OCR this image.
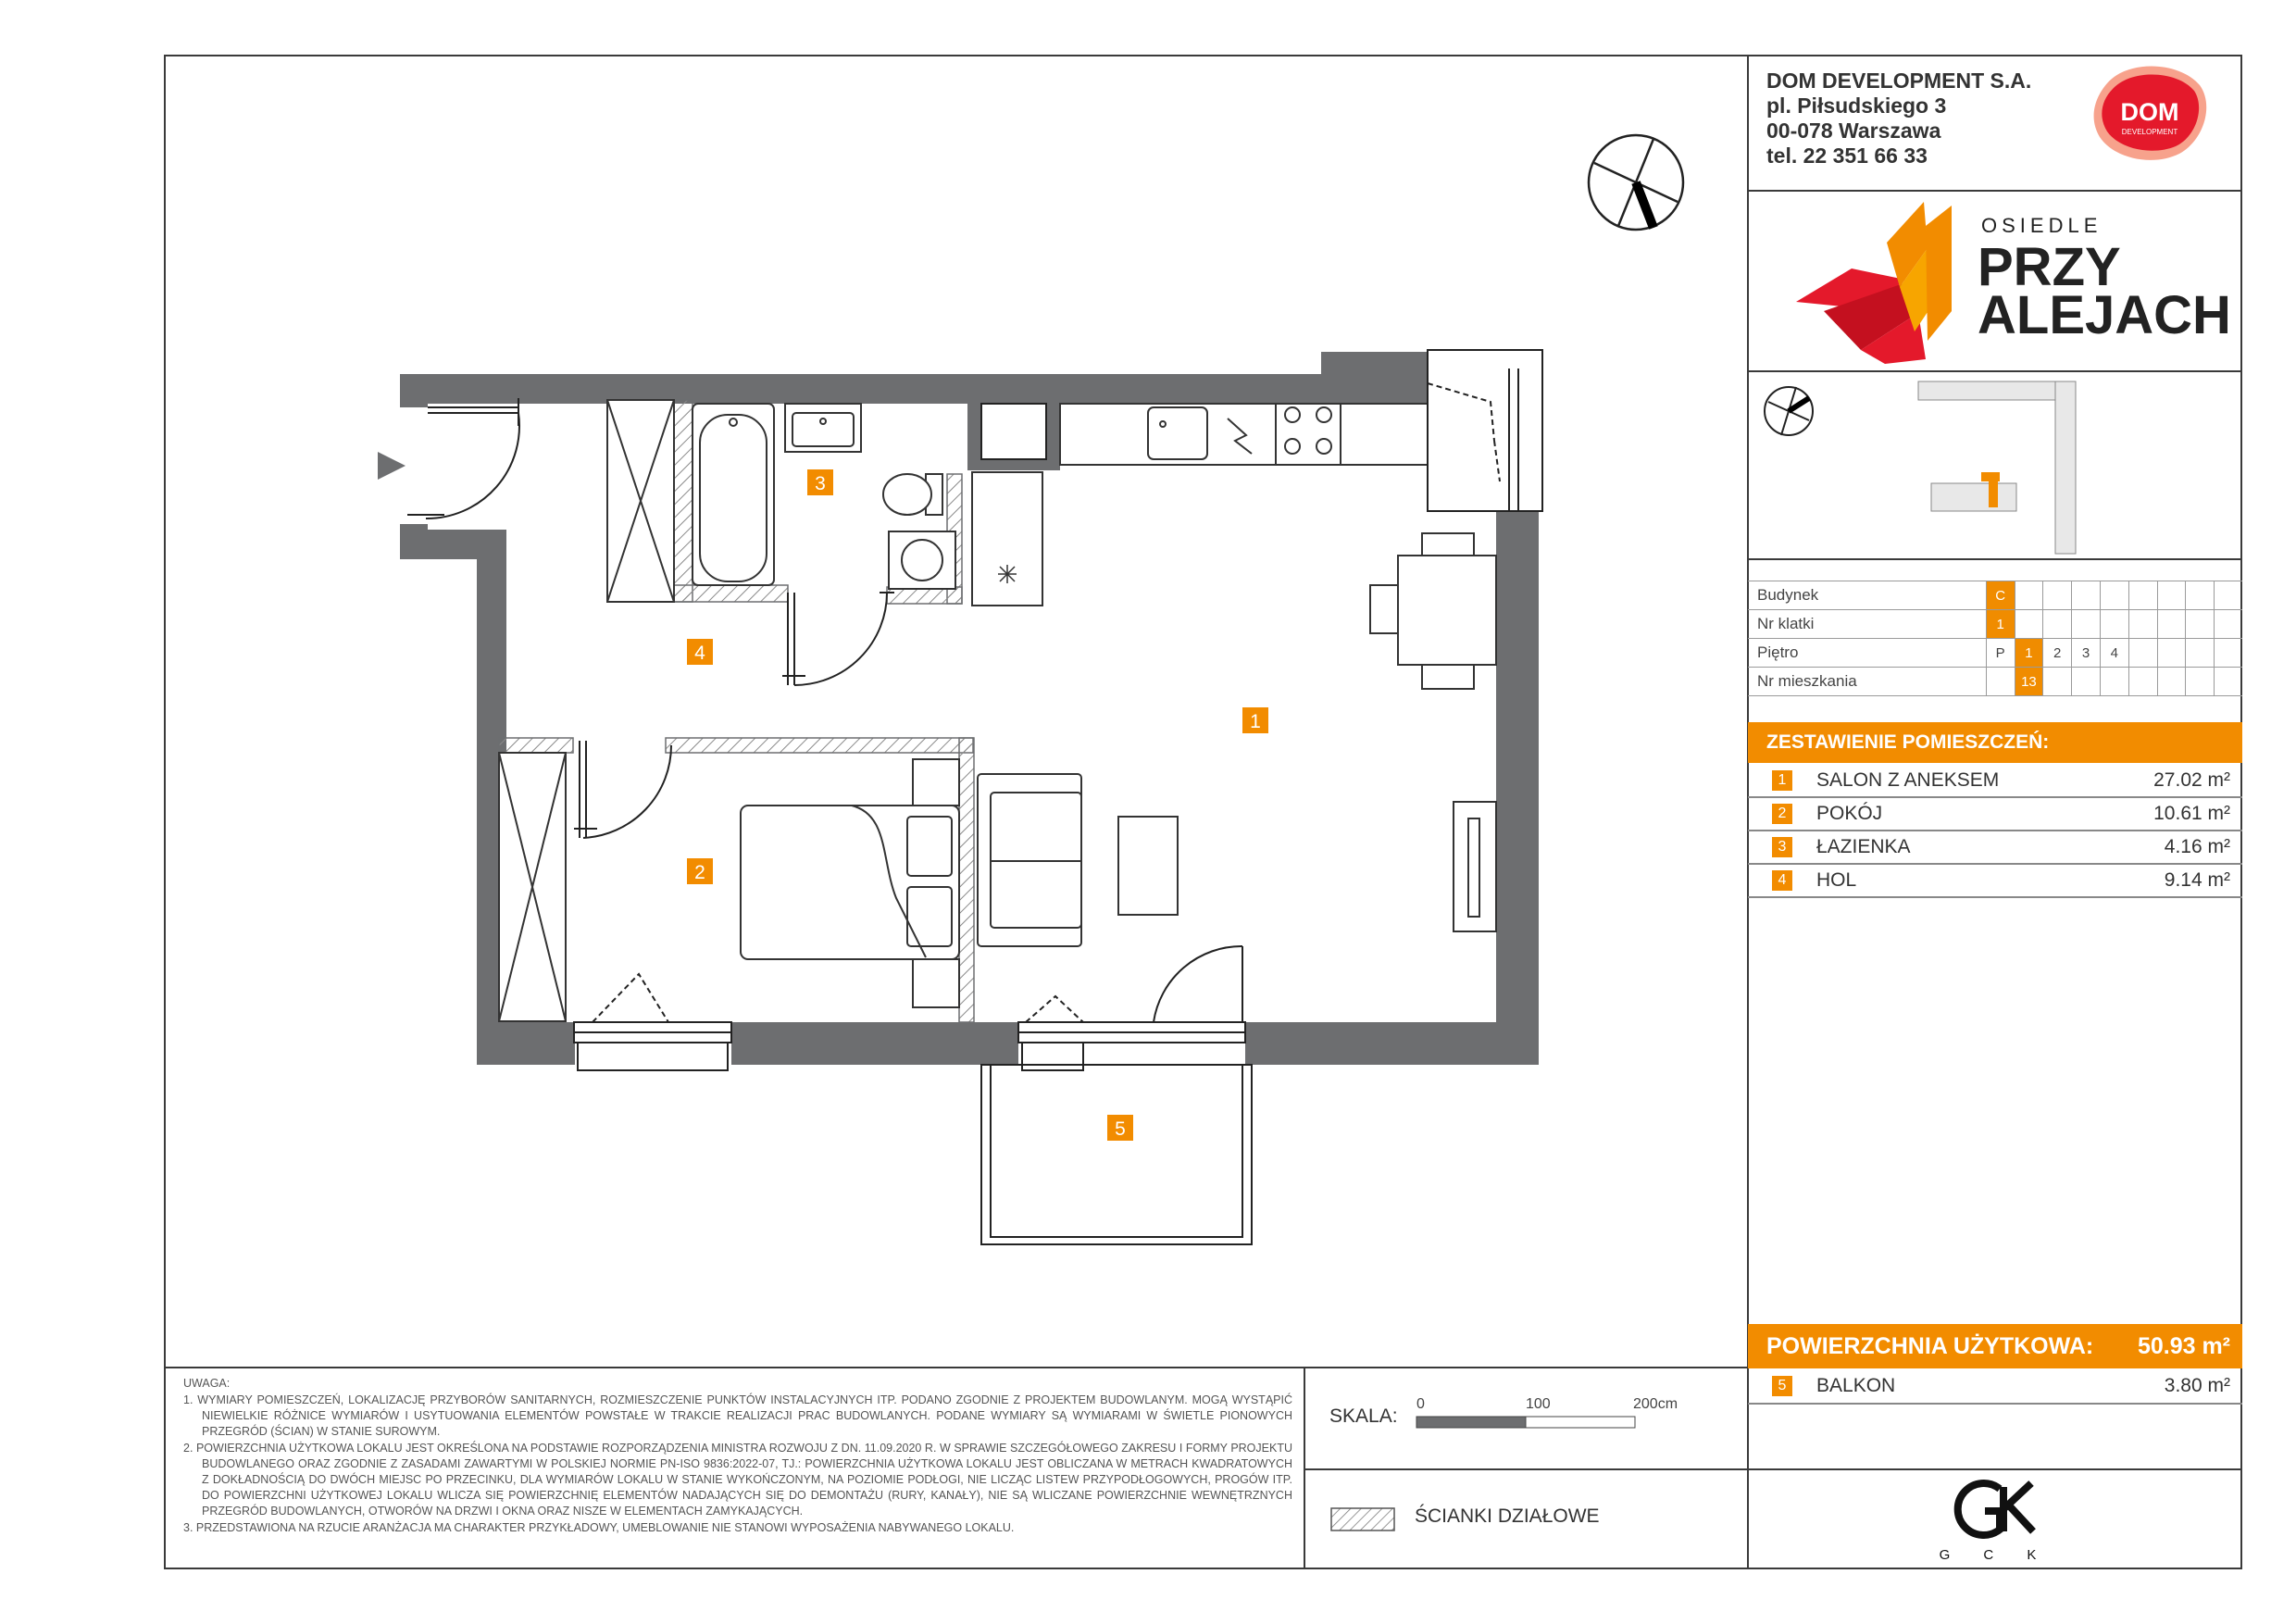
DOM DEVELOPMENT S.A.
pl. Piłsudskiego 3
00-078 Warszawa
tel. 22 351 66 33
DOM
DEVELOPMENT
OSIEDLE
PRZY
ALEJACH
Budynek	C								
Nr klatki	1								
Piętro	P	1	2	3	4				
Nr mieszkania		13							
ZESTAWIENIE POMIESZCZEŃ:
1	SALON Z ANEKSEM	27.02 m²
2	POKÓJ	10.61 m²
3	ŁAZIENKA	4.16 m²
4	HOL	9.14 m²
POWIERZCHNIA UŻYTKOWA: 50.93 m²
5	BALKON	3.80 m²

UWAGA:

1. WYMIARY POMIESZCZEŃ, LOKALIZACJĘ PRZYBORÓW SANITARNYCH, ROZMIESZCZENIE PUNKTÓW INSTALACYJNYCH ITP. PODANO ZGODNIE Z PROJEKTEM BUDOWLANYM. MOGĄ WYSTĄPIĆ NIEWIELKIE RÓŻNICE WYMIARÓW I USYTUOWANIA ELEMENTÓW POWSTAŁE W TRAKCIE REALIZACJI PRAC BUDOWLANYCH. PODANE WYMIARY SĄ WYMIARAMI W ŚWIETLE PIONOWYCH PRZEGRÓD (ŚCIAN) W STANIE SUROWYM.

2. POWIERZCHNIA UŻYTKOWA LOKALU JEST OKREŚLONA NA PODSTAWIE ROZPORZĄDZENIA MINISTRA ROZWOJU Z DN. 11.09.2020 R. W SPRAWIE SZCZEGÓŁOWEGO ZAKRESU I FORMY PROJEKTU BUDOWLANEGO ORAZ ZGODNIE Z ZASADAMI ZAWARTYMI W POLSKIEJ NORMIE PN-ISO 9836:2022-07, TJ.: POWIERZCHNIA UŻYTKOWA LOKALU JEST OBLICZANA W METRACH KWADRATOWYCH Z DOKŁADNOŚCIĄ DO DWÓCH MIEJSC PO PRZECINKU, DLA WYMIARÓW LOKALU W STANIE WYKOŃCZONYM, NA POZIOMIE PODŁOGI, NIE LICZĄC LISTEW PRZYPODŁOGOWYCH, PROGÓW ITP. DO POWIERZCHNI UŻYTKOWEJ LOKALU WLICZA SIĘ POWIERZCHNIĘ ELEMENTÓW NADAJĄCYCH SIĘ DO DEMONTAŻU (RURY, KANAŁY), NIE SĄ WLICZANE POWIERZCHNIE WEWNĘTRZNYCH PRZEGRÓD BUDOWLANYCH, OTWORÓW NA DRZWI I OKNA ORAZ NISZE W ELEMENTACH ZAMYKAJĄCYCH.

3. PRZEDSTAWIONA NA RZUCIE ARANŻACJA MA CHARAKTER PRZYKŁADOWY, UMEBLOWANIE NIE STANOWI WYPOSAŻENIA NABYWANEGO LOKALU.

SKALA:
0	100	200cm
ŚCIANKI DZIAŁOWE
G C K
1
2
3
4
5
